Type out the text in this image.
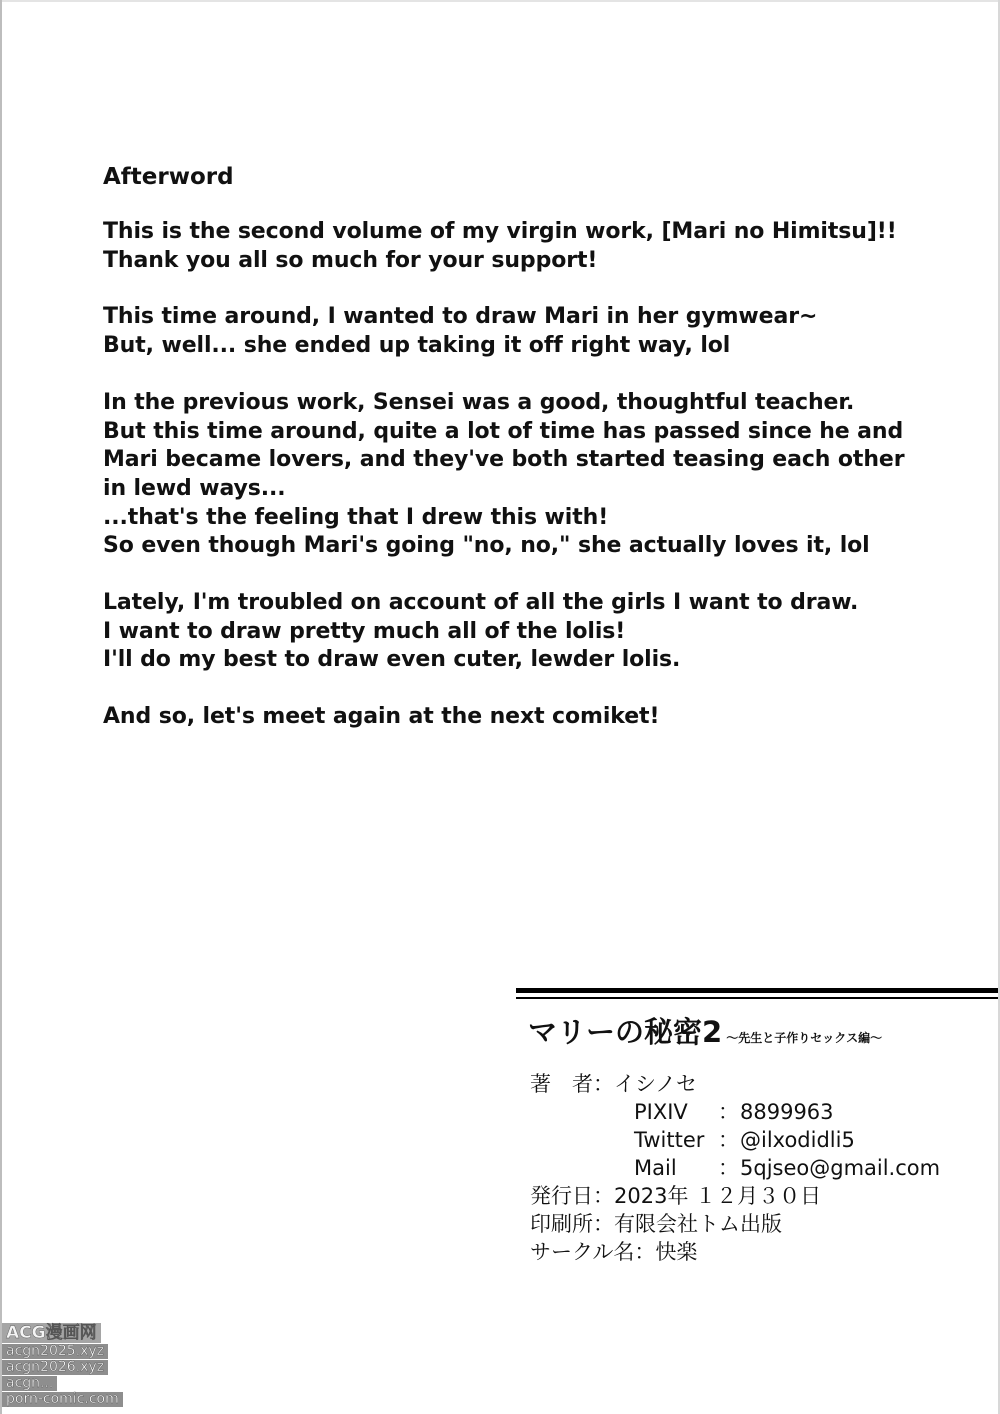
Afterword
This is the second volume of my virgin work, [Mari no Himitsu]!!
Thank you all so much for your support!
This time around, I wanted to draw Mari in her gymwear~
But, well... she ended up taking it off right way, lol
In the previous work, Sensei was a good, thoughtful teacher.
But this time around, quite a lot of time has passed since he and
Mari became lovers, and they've both started teasing each other
in lewd ways...
...that's the feeling that I drew this with!
So even though Mari's going "no, no," she actually loves it, lol
Lately, I'm troubled on account of all the girls I want to draw.
I want to draw pretty much all of the lolis!
I'll do my best to draw even cuter, lewder lolis.
And so, let's meet again at the next comiket!
マリーの秘密2 ～先生と子作りセックス編～
著　者：イシノセ
PIXIV ：8899963
Twitter ：@ilxodidli5
Mail ：5qjseo@gmail.com
発行日：2023年 １２月３０日
印刷所：有限会社トム出版
サークル名：快楽
ACG漫画网
acgn2025.xyz
acgn2026.xyz
acgn...
porn-comic.com
